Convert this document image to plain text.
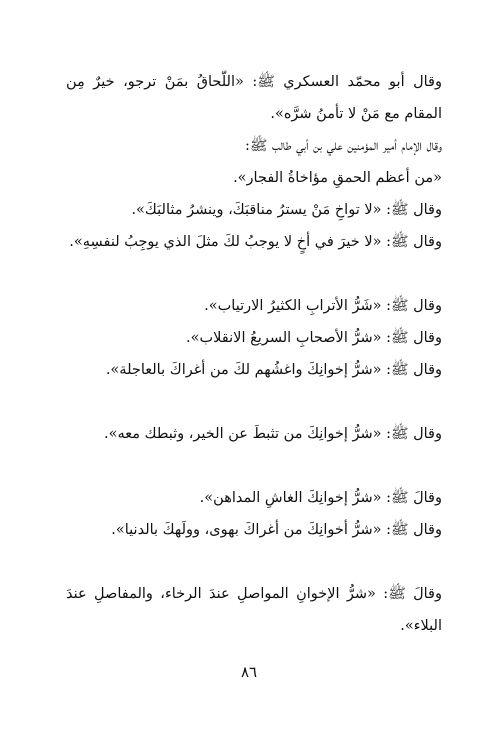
وقال أبو محمّد العسكري ﷺ: «اللّحاقُ بمَنْ ترجو، خيرٌ مِن المقام مع مَنْ لا تأمنُ شرَّه».

وقال الإمام أمير المؤمنين علي بن أبي طالب ﷺ:

«من أعظم الحمقِ مؤاخاةُ الفجار».

وقال ﷺ: «لا تواخِ مَنْ يسترُ مناقبَكَ، وينشرُ مثالبَكَ».

وقال ﷺ: «لا خيرَ في أخٍ لا يوجبُ لكَ مثلَ الذي يوجِبُ لنفسِهِ».

وقال ﷺ: «شَرُّ الأترابِ الكثيرُ الارتياب».

وقال ﷺ: «شرُّ الأصحابِ السريعُ الانقلاب».

وقال ﷺ: «شرُّ إخوانِكَ واغشُهم لكَ من أغراكَ بالعاجلة».

وقال ﷺ: «شرُّ إخوانِكَ من تثبطَ عن الخير، وثبطك معه».

وقالَ ﷺ: «شرُّ إخوانِكَ الغاشِ المداهن».

وقال ﷺ: «شرُّ أخوانِكَ من أغراكَ بهوى، وولَهكَ بالدنيا».

وقالَ ﷺ: «شرُّ الإخوانِ المواصلِ عندَ الرخاء، والمفاصلِ عندَ البلاء».

٨٦
